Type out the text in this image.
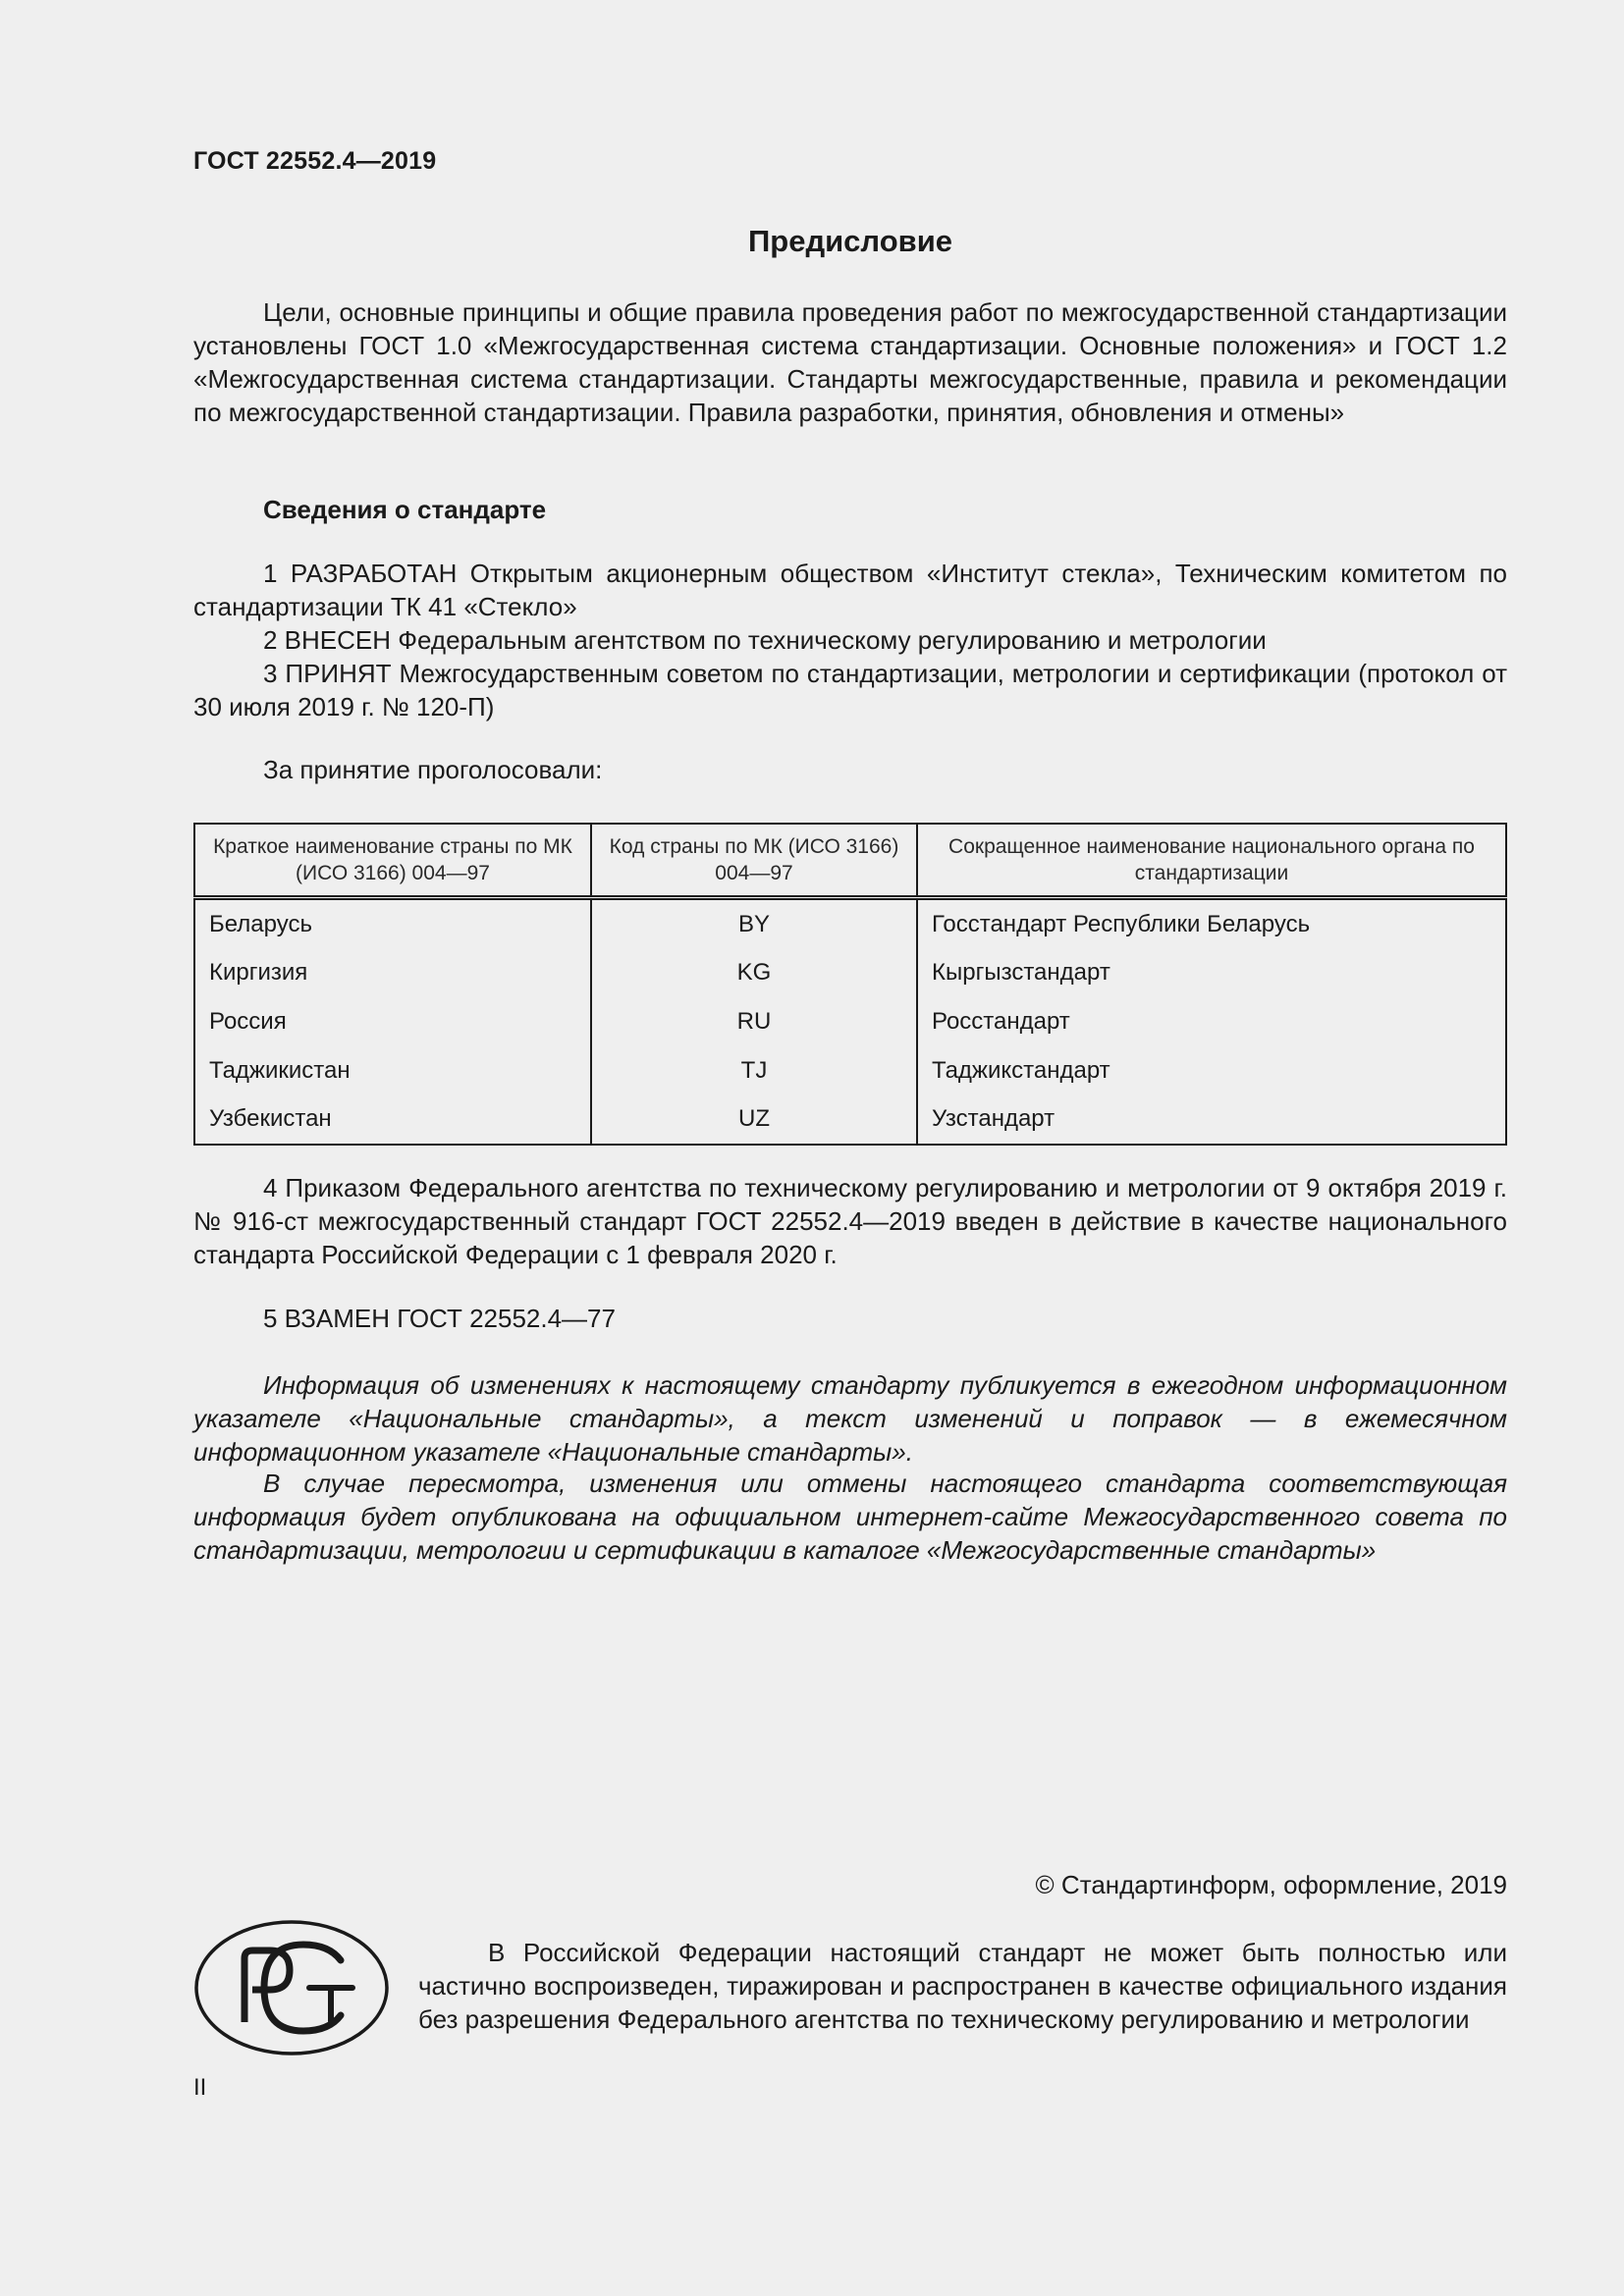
ГОСТ 22552.4—2019
Предисловие

Цели, основные принципы и общие правила проведения работ по межгосударственной стандартизации установлены ГОСТ 1.0 «Межгосударственная система стандартизации. Основные положения» и ГОСТ 1.2 «Межгосударственная система стандартизации. Стандарты межгосударственные, правила и рекомендации по межгосударственной стандартизации. Правила разработки, принятия, обновления и отмены»

Сведения о стандарте

1 РАЗРАБОТАН Открытым акционерным обществом «Институт стекла», Техническим комитетом по стандартизации ТК 41 «Стекло»

2 ВНЕСЕН Федеральным агентством по техническому регулированию и метрологии

3 ПРИНЯТ Межгосударственным советом по стандартизации, метрологии и сертификации (протокол от 30 июля 2019 г. № 120-П)

За принятие проголосовали:
Краткое наименование страны по МК (ИСО 3166) 004—97	Код страны по МК (ИСО 3166) 004—97	Сокращенное наименование национального органа по стандартизации
Беларусь	BY	Госстандарт Республики Беларусь
Киргизия	KG	Кыргызстандарт
Россия	RU	Росстандарт
Таджикистан	TJ	Таджикстандарт
Узбекистан	UZ	Узстандарт

4 Приказом Федерального агентства по техническому регулированию и метрологии от 9 октября 2019 г. № 916-ст межгосударственный стандарт ГОСТ 22552.4—2019 введен в действие в качестве национального стандарта Российской Федерации с 1 февраля 2020 г.

5 ВЗАМЕН ГОСТ 22552.4—77

Информация об изменениях к настоящему стандарту публикуется в ежегодном информационном указателе «Национальные стандарты», а текст изменений и поправок — в ежемесячном информационном указателе «Национальные стандарты».

В случае пересмотра, изменения или отмены настоящего стандарта соответствующая информация будет опубликована на официальном интернет-сайте Межгосударственного совета по стандартизации, метрологии и сертификации в каталоге «Межгосударственные стандарты»

© Стандартинформ, оформление, 2019

В Российской Федерации настоящий стандарт не может быть полностью или частично воспроизведен, тиражирован и распространен в качестве официального издания без разрешения Федерального агентства по техническому регулированию и метрологии

II
